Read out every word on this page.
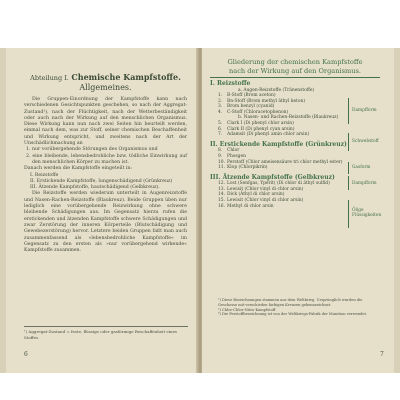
Abteilung I. Chemische Kampfstoffe.
Allgemeines.

Die Gruppen-Einordnung der Kampfstoffe kann nach verschiedenen Gesichtspunkten geschehen, so nach der Aggregat-Zustand¹), nach der Flüchtigkeit, nach der Wetterbeständigkeit oder auch nach der Wirkung auf den menschlichen Organismus. Diese Wirkung kann nun nach zwei Seiten hin beurteilt werden, einmal nach dem, was zur Stoff, seiner chemischen Beschaffenheit und Wirkung entspricht, und zweitens nach der Art der Unschädlichmachung an

1. nur vorübergehende Störungen des Organismus und

2. eine bleibende, lebensbedrohliche bzw. tödliche Einwirkung auf den menschlichen Körper zu machen ist.

Danach werden die Kampfstoffe eingeteilt in:

I. Reizstoffe

II. Erstickende Kampfstoffe, lungenschädigend (Grünkreuz)

III. Ätzende Kampfstoffe, hautschädigend (Gelbkreuz).

Die Reizstoffe werden wiederum unterteilt in Augenreizstoffe und Nasen-Rachen-Reizstoffe (Blaukreuz). Beide Gruppen üben nur lediglich eine vorübergehende Reizwirkung ohne schwere bleibende Schädigungen aus. Im Gegensatz hierzu rufen die erstickenden und ätzenden Kampfstoffe schwere Schädigungen und zwar Zerstörung der inneren Körperteile (Blutschädigung und Gewebezerstörung) hervor. Letztere beiden Gruppen faßt man auch zusammenfassend als »lebensbedrohliche Kampfstoffe« im Gegensatz zu den ersten als »nur vorübergehend wirkende« Kampfstoffe zusammen.

¹) Aggregat-Zustand = feste, flüssige oder gasförmige Beschaffenheit eines Stoffes.
6
Gliederung der chemischen Kampfstoffe
nach der Wirkung auf den Organismus.
I. Reizstoffe
a. Augen-Reizstoffe (Tränenstoffe)
1. B-Stoff (Brom aceton)
2. Bn-Stoff (Brom methyl äthyl keton)
3. Brom benzyl (cyanid)
4. C-Stoff (Chloracetophenon)
b. Nasen- und Rachen-Reizstoffe (Blaukreuz)
5. Clark I (Di phenyl chlor arsin)
6. Clark II (Di phenyl cyan arsin)
7. Adamsit (Di phenyl amin chlor arsin)
II. Erstickende Kampfstoffe (Grünkreuz)
8. Chlor
9. Phosgen
10. Perstoff (Chlor ameisensäure tri chlor methyl ester)
11. Klop (Chlorpikrin)
III. Ätzende Kampfstoffe (Gelbkreuz)
12. Lost (Senfgas, Yperit) (Di chlor di äthyl sulfid)
13. Lewisit (Chlor vinyl di chlor arsin)
14. Dick (Äthyl di chlor arsin)
15. Lewisit (Chlor vinyl di chlor arsin)
16. Methyl di chlor arsin
Dampfform
Schwebstoff
Gasform
Dampfform
Ölige Flüssigkeiten

¹) Diese Bezeichnungen stammen aus dem Weltkrieg. Ursprünglich wurden die Geschosse mit verschieden farbigen Kreuzen gekennzeichnet.

²) Chlor-Chlor-Nitro-Kampfstoff

³) Die Perstoffbezeichnung ist von der Weltkriegs-Fabrik der Munition verwendet.

7
